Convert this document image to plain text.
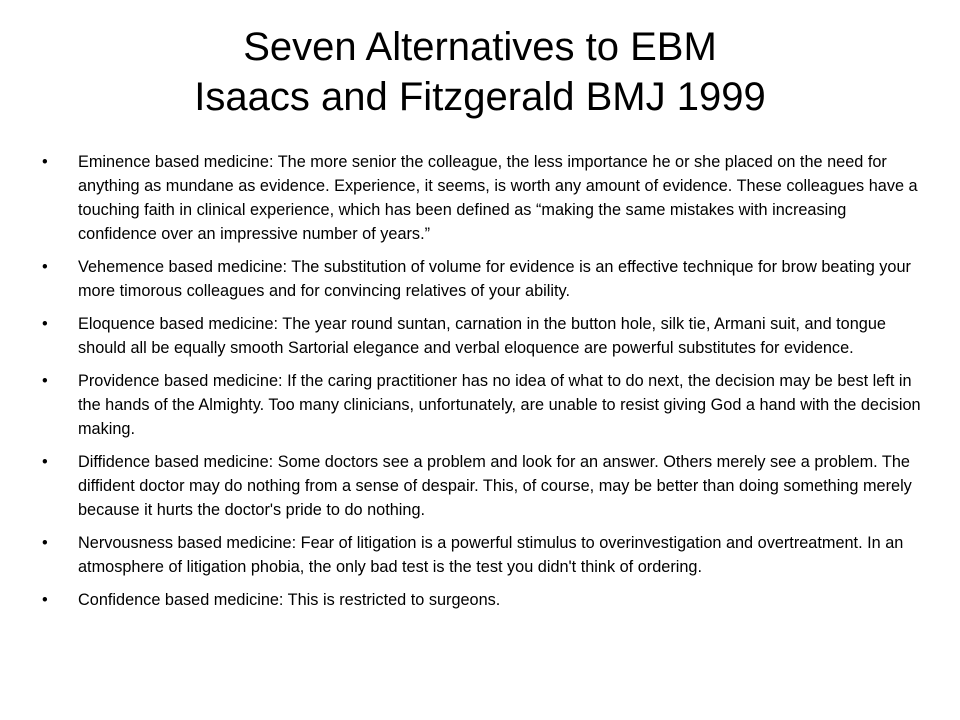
Seven Alternatives to EBM
Isaacs and Fitzgerald BMJ 1999
•	Eminence based medicine: The more senior the colleague, the less importance he or she placed on the need for anything as mundane as evidence. Experience, it seems, is worth any amount of evidence. These colleagues have a touching faith in clinical experience, which has been defined as “making the same mistakes with increasing confidence over an impressive number of years.”
•	Vehemence based medicine: The substitution of volume for evidence is an effective technique for brow beating your more timorous colleagues and for convincing relatives of your ability.
•	Eloquence based medicine: The year round suntan, carnation in the button hole, silk tie, Armani suit, and tongue should all be equally smooth Sartorial elegance and verbal eloquence are powerful substitutes for evidence.
•	Providence based medicine: If the caring practitioner has no idea of what to do next, the decision may be best left in the hands of the Almighty. Too many clinicians, unfortunately, are unable to resist giving God a hand with the decision making.
•	Diffidence based medicine: Some doctors see a problem and look for an answer. Others merely see a problem. The diffident doctor may do nothing from a sense of despair. This, of course, may be better than doing something merely because it hurts the doctor's pride to do nothing.
•	Nervousness based medicine: Fear of litigation is a powerful stimulus to overinvestigation and overtreatment. In an atmosphere of litigation phobia, the only bad test is the test you didn't think of ordering.
•	Confidence based medicine: This is restricted to surgeons.
